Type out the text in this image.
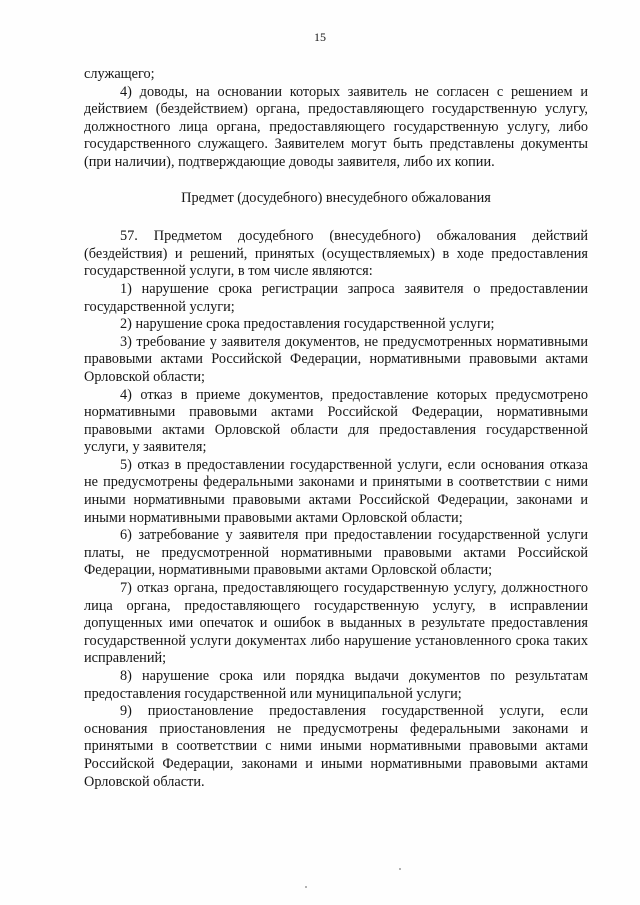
15

служащего;

4) доводы, на основании которых заявитель не согласен с решением и действием (бездействием) органа, предоставляющего государственную услугу, должностного лица органа, предоставляющего государственную услугу, либо государственного служащего. Заявителем могут быть представлены документы (при наличии), подтверждающие доводы заявителя, либо их копии.

Предмет (досудебного) внесудебного обжалования

57. Предметом досудебного (внесудебного) обжалования действий (бездействия) и решений, принятых (осуществляемых) в ходе предоставления государственной услуги, в том числе являются:

1) нарушение срока регистрации запроса заявителя о предоставлении государственной услуги;

2) нарушение срока предоставления государственной услуги;

3) требование у заявителя документов, не предусмотренных нормативными правовыми актами Российской Федерации, нормативными правовыми актами Орловской области;

4) отказ в приеме документов, предоставление которых предусмотрено нормативными правовыми актами Российской Федерации, нормативными правовыми актами Орловской области для предоставления государственной услуги, у заявителя;

5) отказ в предоставлении государственной услуги, если основания отказа не предусмотрены федеральными законами и принятыми в соответствии с ними иными нормативными правовыми актами Российской Федерации, законами и иными нормативными правовыми актами Орловской области;

6) затребование у заявителя при предоставлении государственной услуги платы, не предусмотренной нормативными правовыми актами Российской Федерации, нормативными правовыми актами Орловской области;

7) отказ органа, предоставляющего государственную услугу, должностного лица органа, предоставляющего государственную услугу, в исправлении допущенных ими опечаток и ошибок в выданных в результате предоставления государственной услуги документах либо нарушение установленного срока таких исправлений;

8) нарушение срока или порядка выдачи документов по результатам предоставления государственной или муниципальной услуги;

9) приостановление предоставления государственной услуги, если основания приостановления не предусмотрены федеральными законами и принятыми в соответствии с ними иными нормативными правовыми актами Российской Федерации, законами и иными нормативными правовыми актами Орловской области.
